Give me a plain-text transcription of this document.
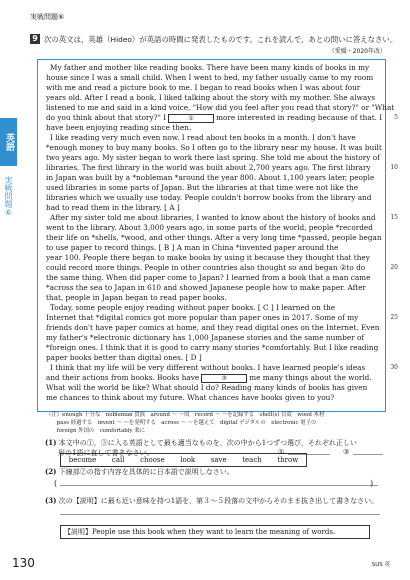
実戦問題⑥
英語
実戦問題⑥
9 次の英文は，英雄（Hideo）が英語の時間に発表したものです。これを読んで，あとの問いに答えなさい。
（愛媛・2020年改）
My father and mother like reading books. There have been many kinds of books in my
house since I was a small child. When I went to bed, my father usually came to my room
with me and read a picture book to me. I began to read books when I was about four
years old. After I read a book, I liked talking about the story with my mother. She always
listened to me and said in a kind voice, "How did you feel after you read that story?" or "What
do you think about that story?" I	①	more interested in reading because of that. I
have been enjoying reading since then.
I like reading very much even now. I read about ten books in a month. I don't have
*enough money to buy many books. So I often go to the library near my house. It was built
two years ago. My sister began to work there last spring. She told me about the history of
libraries. The first library in the world was built about 2,700 years ago. The first library
in Japan was built by a *nobleman *around the year 800. About 1,100 years later, people
used libraries in some parts of Japan. But the libraries at that time were not like the
libraries which we usually use today. People couldn't borrow books from the library and
had to read them in the library. [ A ]
After my sister told me about libraries, I wanted to know about the history of books and
went to the library. About 3,000 years ago, in some parts of the world, people *recorded
their life on *shells, *wood, and other things. After a very long time *passed, people began
to use paper to record things. [ B ] A man in China *invented paper around the
year 100. People there began to make books by using it because they thought that they
could record more things. People in other countries also thought so and began ②to do
the same thing. When did paper come to Japan? I learned from a book that a man came
*across the sea to Japan in 610 and showed Japanese people how to make paper. After
that, people in Japan began to read paper books.
Today, some people enjoy reading without paper books. [ C ] I learned on the
Internet that *digital comics got more popular than paper ones in 2017. Some of my
friends don't have paper comics at home, and they read digital ones on the Internet. Even
my father's *electronic dictionary has 1,000 Japanese stories and the same number of
*foreign ones. I think that it is good to carry many stories *comfortably. But I like reading
paper books better than digital ones. [ D ]
I think that my life will be very different without books. I have learned people's ideas
and their actions from books. Books have	③	me many things about the world.
What will the world be like? What should I do? Reading many kinds of books has given
me chances to think about my future. What chances have books given to you?
5
10
15
20
25
30
（注）enough 十分な　nobleman 貴族　around ～ ～頃　record ～ ～を記録する　shell(s) 貝殻　wood 木材
　　pass 経過する　invent ～ ～を発明する　across ～ ～を越えて　digital デジタルの　electronic 電子の
　　foreign 外国の　comfortably 楽に
(1) 本文中の①，③に入る英語として最も適当なものを，次の中から1つずつ選び，それぞれ正しい
形の1語に直して書きなさい。	①	③
become call choose look save teach throw
(2) 下線部②の指す内容を具体的に日本語で説明しなさい。
(	)
(3) 次の【説明】に最も近い意味を持つ1語を，第３～５段落の文中からそのまま抜き出して書きなさい。
【説明】People use this book when they want to learn the meaning of words.
130	SUS 英
